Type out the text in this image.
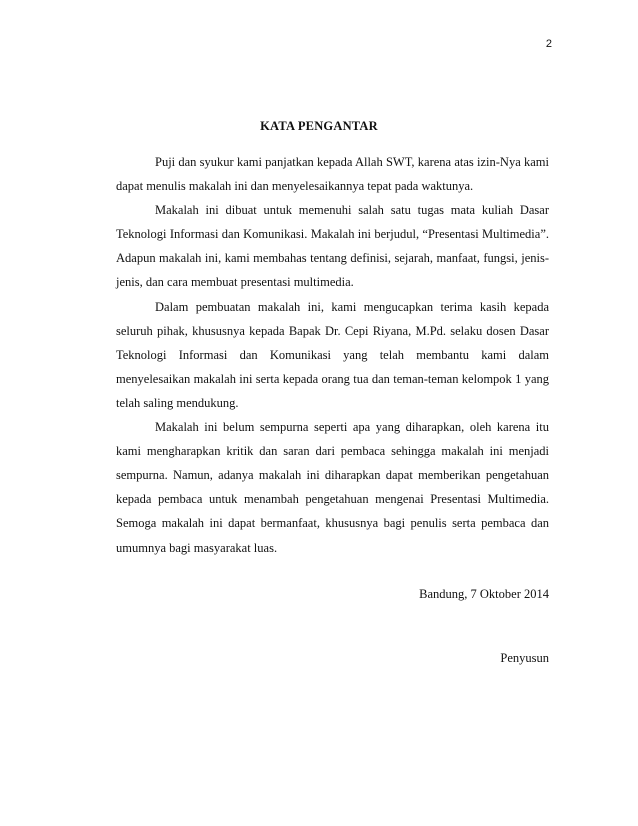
2
KATA PENGANTAR

Puji dan syukur kami panjatkan kepada Allah SWT, karena atas izin-Nya kami dapat menulis makalah ini dan menyelesaikannya tepat pada waktunya.

Makalah ini dibuat untuk memenuhi salah satu tugas mata kuliah Dasar Teknologi Informasi dan Komunikasi. Makalah ini berjudul, “Presentasi Multimedia”. Adapun makalah ini, kami membahas tentang definisi, sejarah, manfaat, fungsi, jenis-jenis, dan cara membuat presentasi multimedia.

Dalam pembuatan makalah ini, kami mengucapkan terima kasih kepada seluruh pihak, khususnya kepada Bapak Dr. Cepi Riyana, M.Pd. selaku dosen Dasar Teknologi Informasi dan Komunikasi yang telah membantu kami dalam menyelesaikan makalah ini serta kepada orang tua dan teman-teman kelompok 1 yang telah saling mendukung.

Makalah ini belum sempurna seperti apa yang diharapkan, oleh karena itu kami mengharapkan kritik dan saran dari pembaca sehingga makalah ini menjadi sempurna. Namun, adanya makalah ini diharapkan dapat memberikan pengetahuan kepada pembaca untuk menambah pengetahuan mengenai Presentasi Multimedia. Semoga makalah ini dapat bermanfaat, khususnya bagi penulis serta pembaca dan umumnya bagi masyarakat luas.

Bandung, 7 Oktober 2014
Penyusun
